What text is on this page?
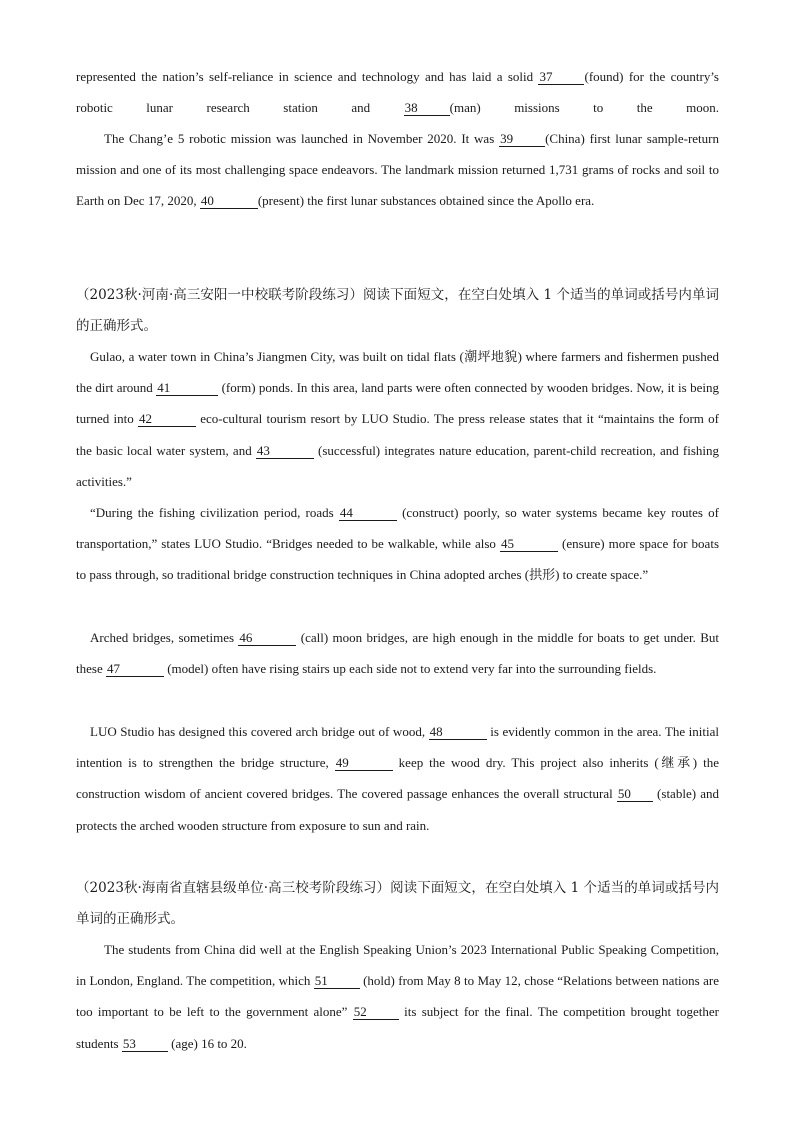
represented the nation’s self-reliance in science and technology and has laid a solid 37 (found) for the country’s robotic lunar research station and 38 (man) missions to the moon.

The Chang’e 5 robotic mission was launched in November 2020. It was 39 (China) first lunar sample-return mission and one of its most challenging space endeavors. The landmark mission returned 1,731 grams of rocks and soil to Earth on Dec 17, 2020, 40	(present) the first lunar substances obtained since the Apollo era.

（2023秋·河南·高三安阳一中校联考阶段练习）阅读下面短文，在空白处填入 1 个适当的单词或括号内单词的正确形式。

Gulao, a water town in China’s Jiangmen City, was built on tidal flats (潮坪地貌) where farmers and fishermen pushed the dirt around 41	(form) ponds. In this area, land parts were often connected by wooden bridges. Now, it is being turned into 42	eco-cultural tourism resort by LUO Studio. The press release states that it “maintains the form of the basic local water system, and 43	(successful) integrates nature education, parent-child recreation, and fishing activities.”

“During the fishing civilization period, roads 44	(construct) poorly, so water systems became key routes of transportation,” states LUO Studio. “Bridges needed to be walkable, while also 45	(ensure) more space for boats to pass through, so traditional bridge construction techniques in China adopted arches (拱形) to create space.”

Arched bridges, sometimes 46	(call) moon bridges, are high enough in the middle for boats to get under. But these 47	(model) often have rising stairs up each side not to extend very far into the surrounding fields.

LUO Studio has designed this covered arch bridge out of wood, 48	is evidently common in the area. The initial intention is to strengthen the bridge structure, 49	keep the wood dry. This project also inherits (继承) the construction wisdom of ancient covered bridges. The covered passage enhances the overall structural 50 (stable) and protects the arched wooden structure from exposure to sun and rain.

（2023秋·海南省直辖县级单位·高三校考阶段练习）阅读下面短文，在空白处填入 1 个适当的单词或括号内单词的正确形式。

The students from China did well at the English Speaking Union’s 2023 International Public Speaking Competition, in London, England. The competition, which 51 (hold) from May 8 to May 12, chose “Relations between nations are too important to be left to the government alone” 52 its subject for the final. The competition brought together students 53 (age) 16 to 20.
